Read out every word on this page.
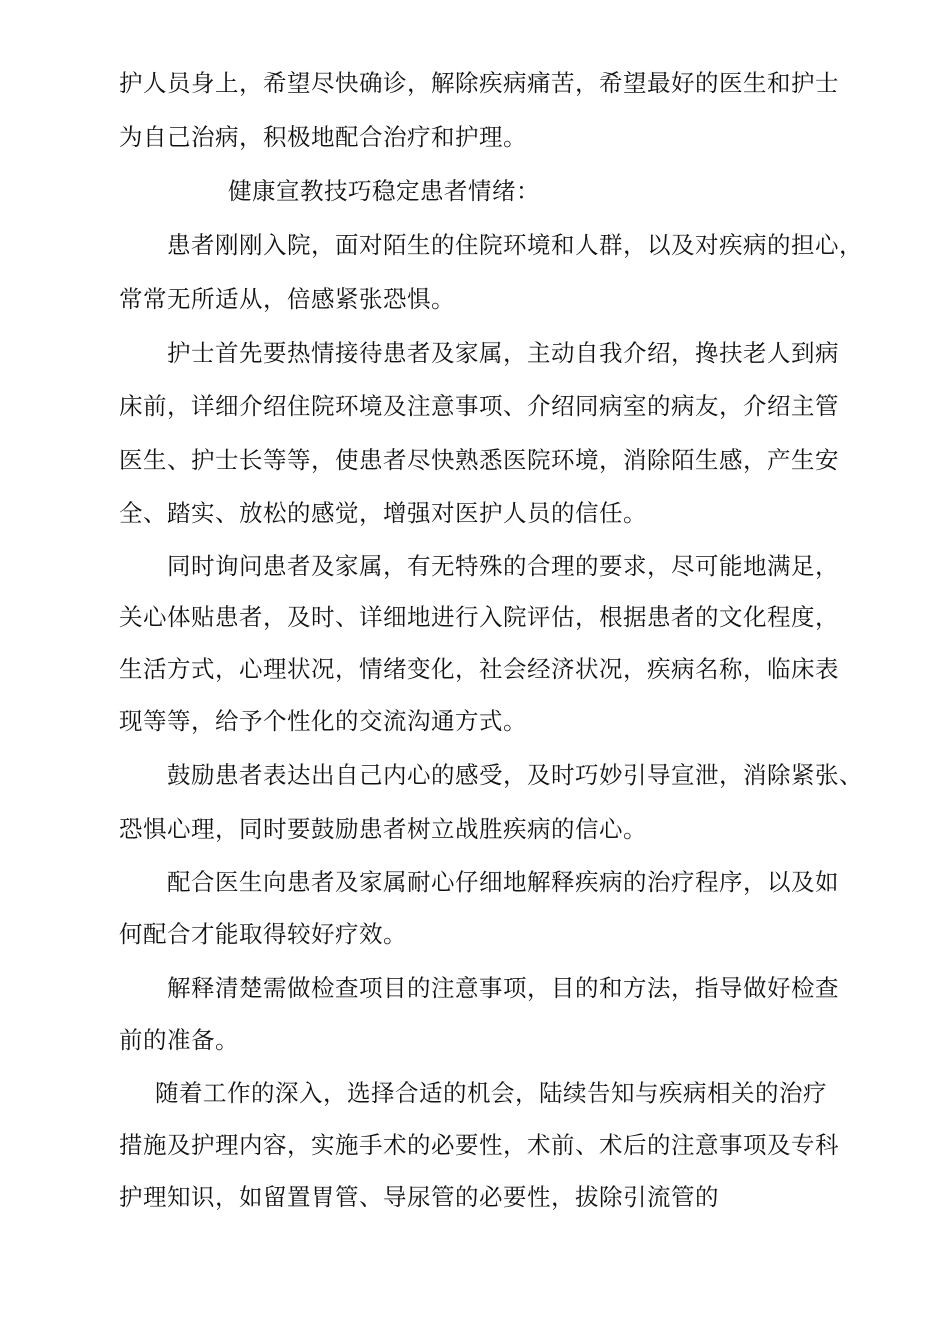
护人员身上，希望尽快确诊，解除疾病痛苦，希望最好的医生和护士
为自己治病，积极地配合治疗和护理。
健康宣教技巧稳定患者情绪：
患者刚刚入院，面对陌生的住院环境和人群，以及对疾病的担心，
常常无所适从，倍感紧张恐惧。
护士首先要热情接待患者及家属，主动自我介绍，搀扶老人到病
床前，详细介绍住院环境及注意事项、介绍同病室的病友，介绍主管
医生、护士长等等，使患者尽快熟悉医院环境，消除陌生感，产生安
全、踏实、放松的感觉，增强对医护人员的信任。
同时询问患者及家属，有无特殊的合理的要求，尽可能地满足，
关心体贴患者，及时、详细地进行入院评估，根据患者的文化程度，
生活方式，心理状况，情绪变化，社会经济状况，疾病名称，临床表
现等等，给予个性化的交流沟通方式。
鼓励患者表达出自己内心的感受，及时巧妙引导宣泄，消除紧张、
恐惧心理，同时要鼓励患者树立战胜疾病的信心。
配合医生向患者及家属耐心仔细地解释疾病的治疗程序，以及如
何配合才能取得较好疗效。
解释清楚需做检查项目的注意事项，目的和方法，指导做好检查
前的准备。
随着工作的深入，选择合适的机会，陆续告知与疾病相关的治疗
措施及护理内容，实施手术的必要性，术前、术后的注意事项及专科
护理知识，如留置胃管、导尿管的必要性，拔除引流管的
